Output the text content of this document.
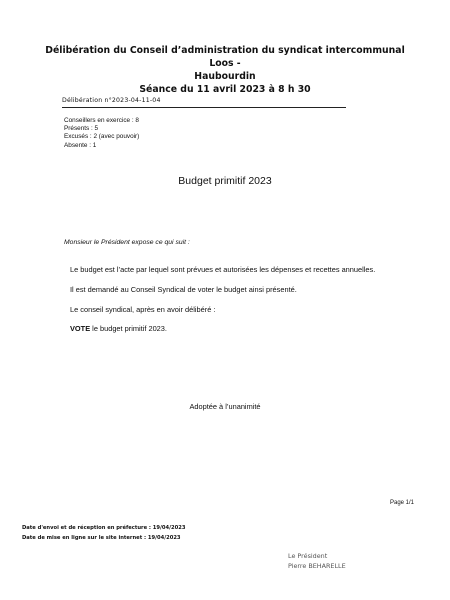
Délibération du Conseil d’administration du syndicat intercommunal Loos -
Haubourdin
Séance du 11 avril 2023 à 8 h 30
Délibération n°2023-04-11-04
Conseillers en exercice : 8
Présents : 5
Excusés : 2 (avec pouvoir)
Absente : 1
Budget primitif 2023
Monsieur le Président expose ce qui suit :
Le budget est l’acte par lequel sont prévues et autorisées les dépenses et recettes annuelles.
Il est demandé au Conseil Syndical de voter le budget ainsi présenté.
Le conseil syndical, après en avoir délibéré :
VOTE le budget primitif 2023.
Adoptée à l’unanimité
Page 1/1
Date d'envoi et de réception en préfecture : 19/04/2023
Date de mise en ligne sur le site internet : 19/04/2023
Le Président
Pierre BEHARELLE
